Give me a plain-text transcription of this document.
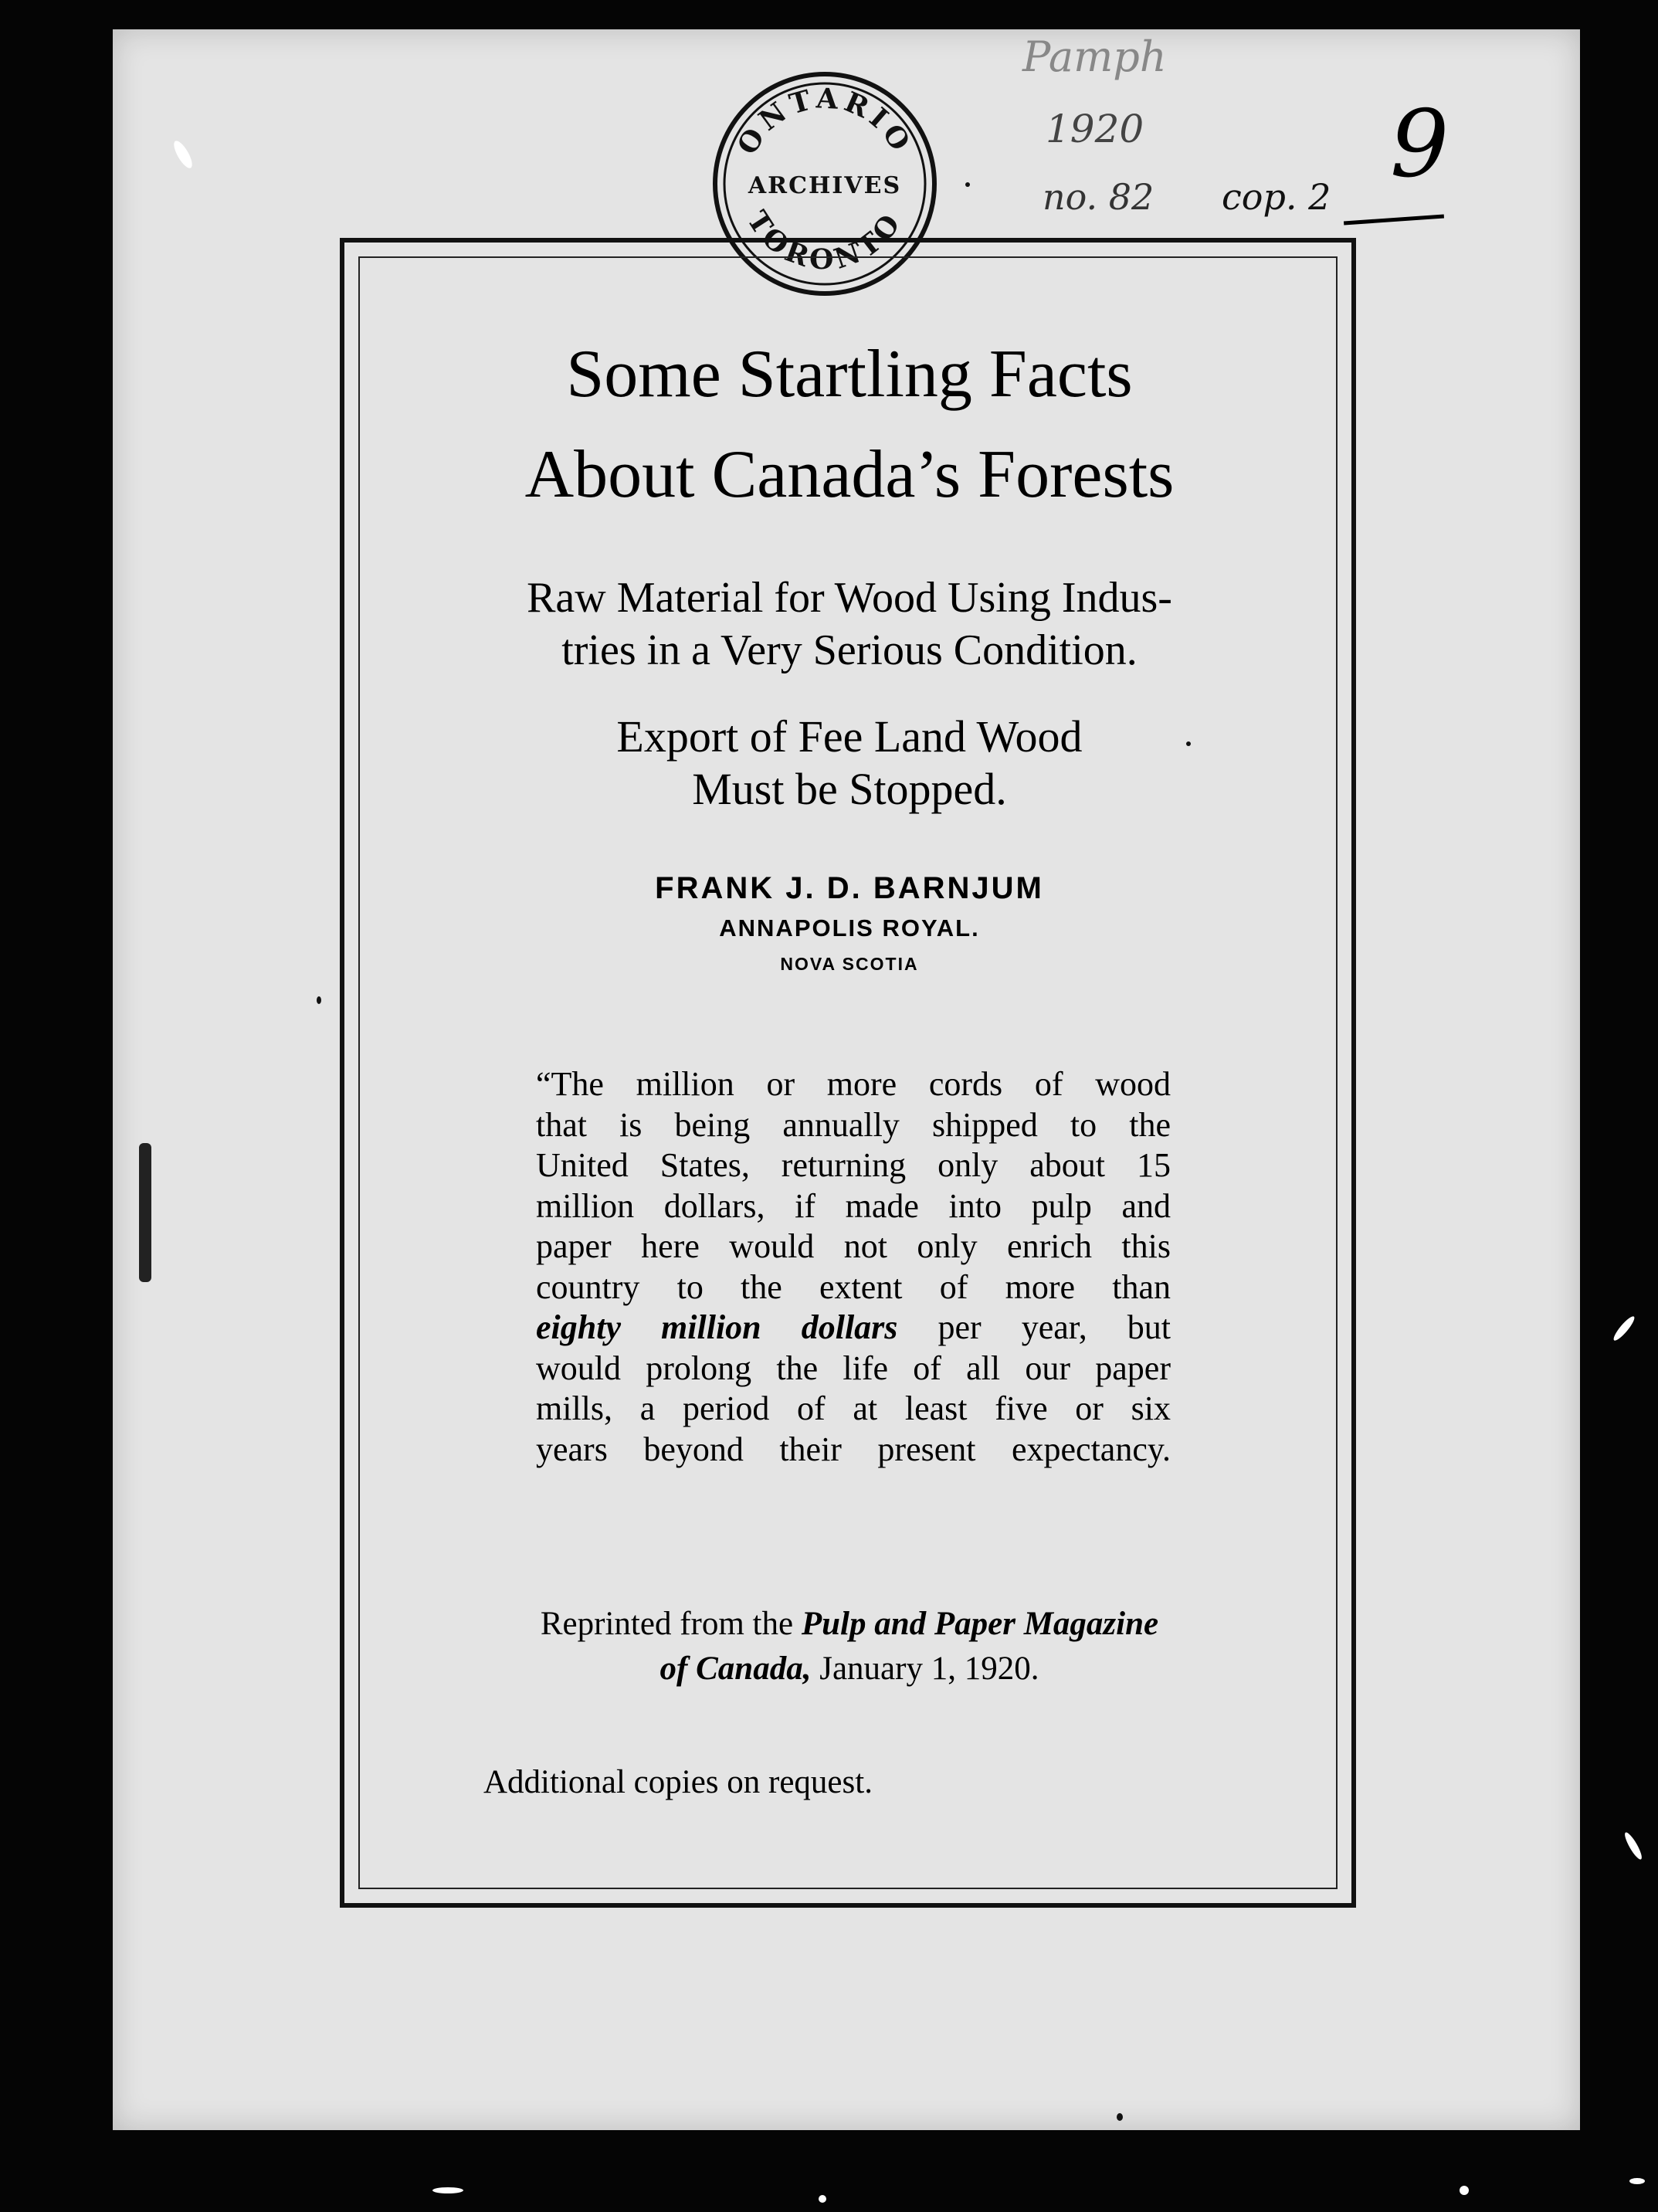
ONTARIO
ARCHIVES
TORONTO
Pamph
1920
no. 82 cop. 2 9
Some Startling Facts
About Canada’s Forests
Raw Material for Wood Using Indus-
tries in a Very Serious Condition.
Export of Fee Land Wood
Must be Stopped.
FRANK J. D. BARNJUM
ANNAPOLIS ROYAL.
NOVA SCOTIA
“The million or more cords of wood
that is being annually shipped to the
United States, returning only about 15
million dollars, if made into pulp and
paper here would not only enrich this
country to the extent of more than
eighty million dollars per year, but
would prolong the life of all our paper
mills, a period of at least five or six
years beyond their present expectancy.
Reprinted from the Pulp and Paper Magazine
of Canada, January 1, 1920.
Additional copies on request.
